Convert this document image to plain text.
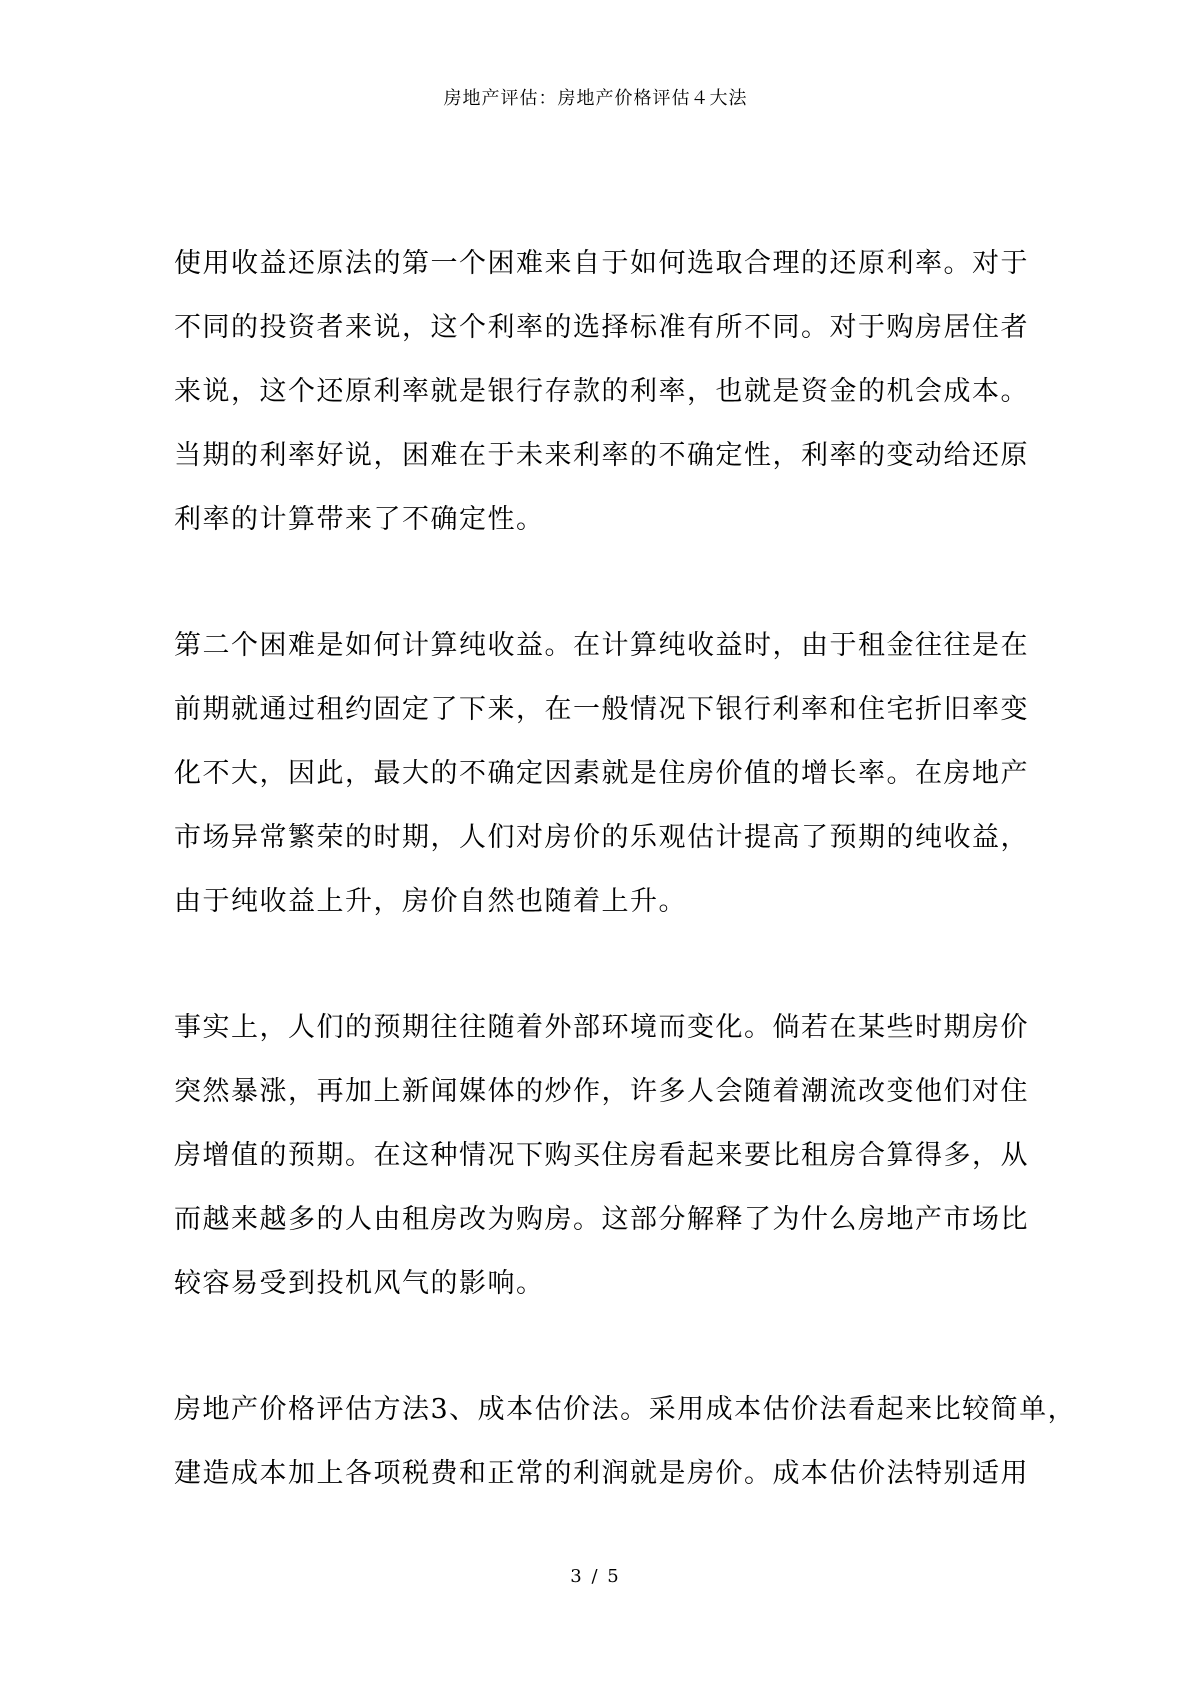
房地产评估：房地产价格评估４大法

使用收益还原法的第一个困难来自于如何选取合理的还原利率。对于
不同的投资者来说，这个利率的选择标准有所不同。对于购房居住者
来说，这个还原利率就是银行存款的利率，也就是资金的机会成本。
当期的利率好说，困难在于未来利率的不确定性，利率的变动给还原
利率的计算带来了不确定性。

第二个困难是如何计算纯收益。在计算纯收益时，由于租金往往是在
前期就通过租约固定了下来，在一般情况下银行利率和住宅折旧率变
化不大，因此，最大的不确定因素就是住房价值的增长率。在房地产
市场异常繁荣的时期，人们对房价的乐观估计提高了预期的纯收益，
由于纯收益上升，房价自然也随着上升。

事实上，人们的预期往往随着外部环境而变化。倘若在某些时期房价
突然暴涨，再加上新闻媒体的炒作，许多人会随着潮流改变他们对住
房增值的预期。在这种情况下购买住房看起来要比租房合算得多，从
而越来越多的人由租房改为购房。这部分解释了为什么房地产市场比
较容易受到投机风气的影响。

房地产价格评估方法3、成本估价法。采用成本估价法看起来比较简单，
建造成本加上各项税费和正常的利润就是房价。成本估价法特别适用

3 / 5
